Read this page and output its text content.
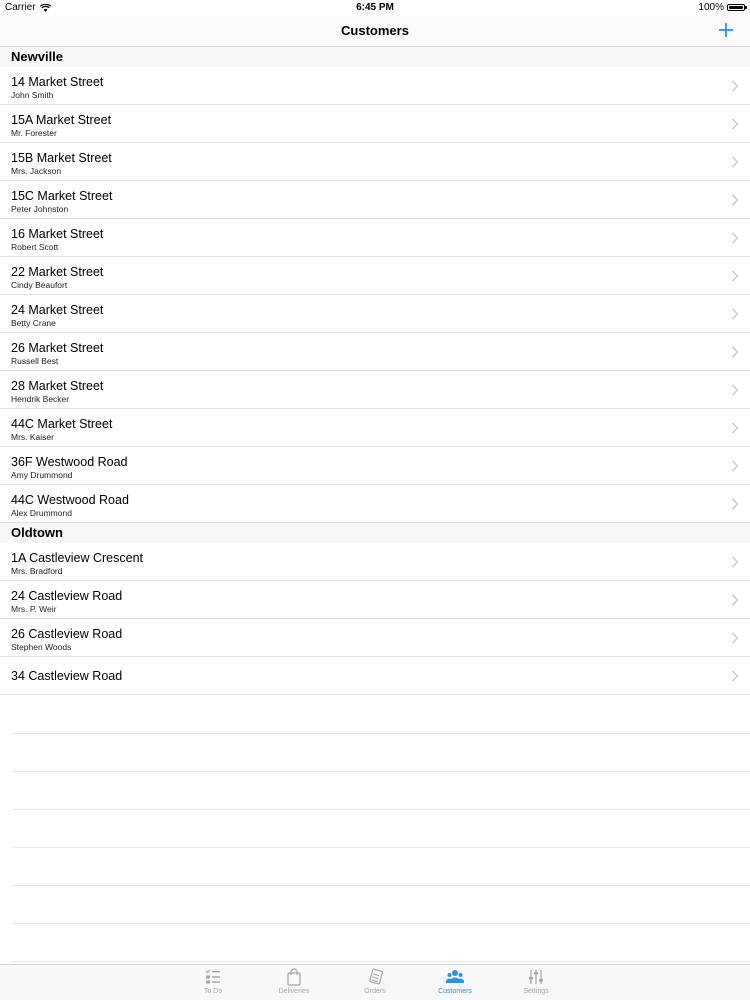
Carrier	6:45 PM	100%
Customers
Newville
14 Market Street
John Smith
15A Market Street
Mr. Forester
15B Market Street
Mrs. Jackson
15C Market Street
Peter Johnston
16 Market Street
Robert Scott
22 Market Street
Cindy Beaufort
24 Market Street
Betty Crane
26 Market Street
Russell Best
28 Market Street
Hendrik Becker
44C Market Street
Mrs. Kaiser
36F Westwood Road
Amy Drummond
44C Westwood Road
Alex Drummond
Oldtown
1A Castleview Crescent
Mrs. Bradford
24 Castleview Road
Mrs. P. Weir
26 Castleview Road
Stephen Woods
34 Castleview Road
To Do	Deliveries	Orders	Customers	Settings
